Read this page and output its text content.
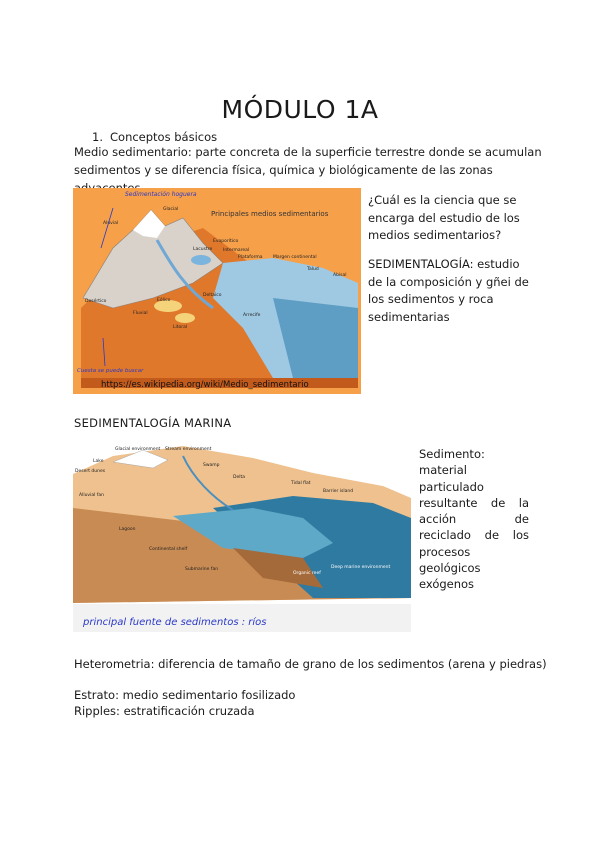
MÓDULO 1A
1. Conceptos básicos
Medio sedimentario: parte concreta de la superficie terrestre donde se acumulan sedimentos y se diferencia física, química y biológicamente de las zonas
Principales medios sedimentarios
Aluvial
Glacial
Lacustre
Evaporítico
Intermareal
Plataforma Margen continental
Talud
Abisal
Eólico
Fluvial
Deltaico
Arrecife
Desértico
Litoral
Sedimentación hoguera
Cuesta se puede buscar
https://es.wikipedia.org/wiki/Medio_sedimentario
¿Cuál es la ciencia que se encarga del estudio de los medios sedimentarios?
SEDIMENTALOGÍA: estudio de la composición y gñei de los sedimentos y roca sedimentarias
SEDIMENTALOGÍA MARINA
Glacial environment Stream environment
Lake
Desert dunes
Alluvial fan
Swamp
Delta
Tidal flat
Barrier island
Lagoon
Continental shelf
Submarine fan	Deep marine environment
Organic reef
principal fuente de sedimentos : ríos
Sedimento:
material particulado resultante de la acción de reciclado de los procesos geológicos exógenos
Heterometria: diferencia de tamaño de grano de los sedimentos (arena y piedras)
Estrato: medio sedimentario fosilizado
Ripples: estratificación cruzada
